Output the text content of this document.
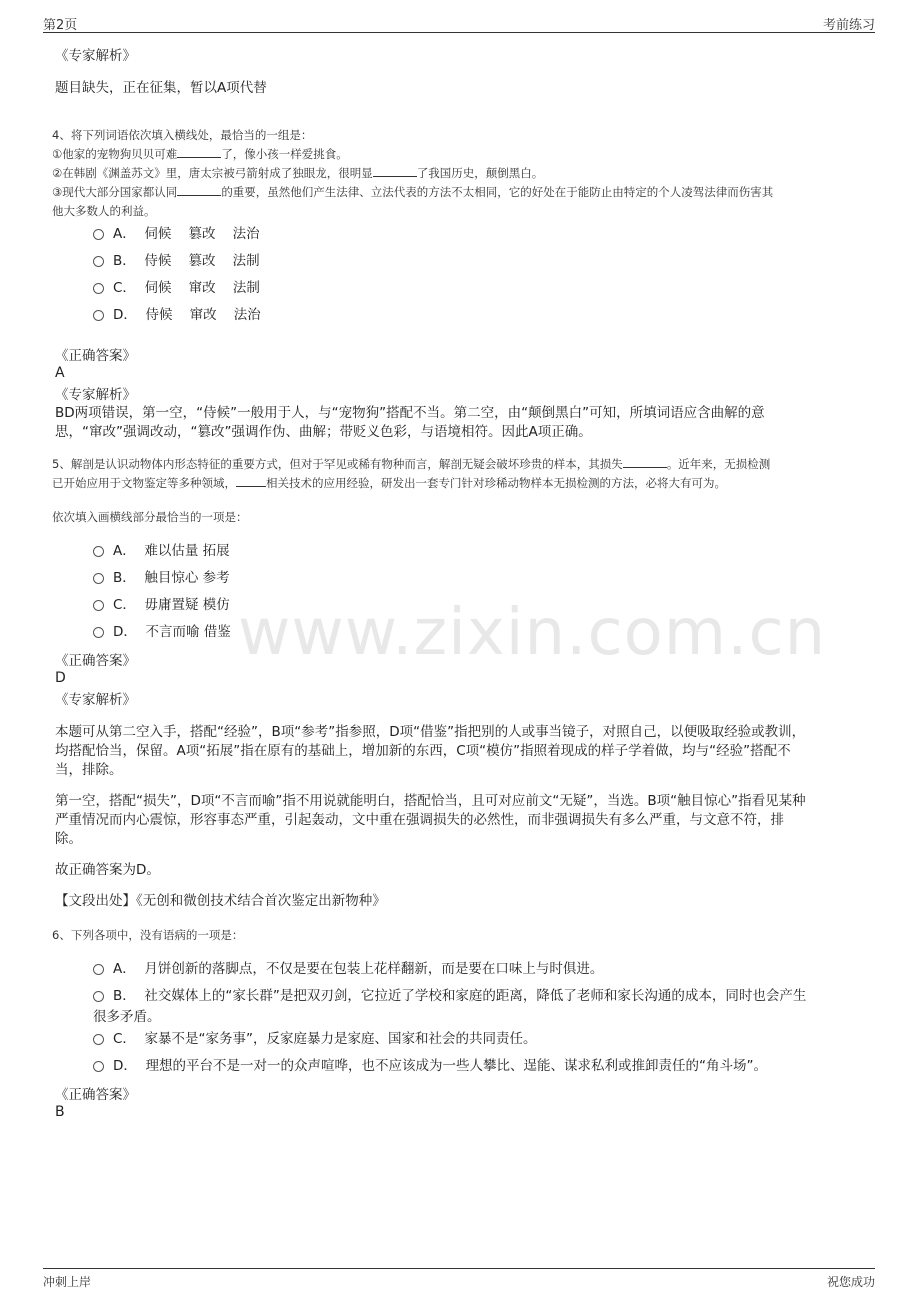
第2页	考前练习
www.zixin.com.cn
《专家解析》
题目缺失，正在征集，暂以A项代替
4、将下列词语依次填入横线处，最恰当的一组是：
①他家的宠物狗贝贝可难	了，像小孩一样爱挑食。
②在韩剧《渊盖苏文》里，唐太宗被弓箭射成了独眼龙，很明显	了我国历史，颠倒黑白。
③现代大部分国家都认同	的重要，虽然他们产生法律、立法代表的方法不太相同，它的好处在于能防止由特定的个人凌驾法律而伤害其
他大多数人的利益。
A．  伺候    篡改    法治
B．  侍候    篡改    法制
C．  伺候    窜改    法制
D．  侍候    窜改    法治
《正确答案》
A
《专家解析》
BD两项错误，第一空，“侍候”一般用于人，与“宠物狗”搭配不当。第二空，由“颠倒黑白”可知，所填词语应含曲解的意
思，“窜改”强调改动，“篡改”强调作伪、曲解；带贬义色彩，与语境相符。因此A项正确。
5、解剖是认识动物体内形态特征的重要方式，但对于罕见或稀有物种而言，解剖无疑会破坏珍贵的样本，其损失	。近年来，无损检测
已开始应用于文物鉴定等多种领域，	相关技术的应用经验，研发出一套专门针对珍稀动物样本无损检测的方法，必将大有可为。
依次填入画横线部分最恰当的一项是：
A．  难以估量 拓展
B．  触目惊心 参考
C．  毋庸置疑 模仿
D．  不言而喻 借鉴
《正确答案》
D
《专家解析》
本题可从第二空入手，搭配“经验”，B项“参考”指参照，D项“借鉴”指把别的人或事当镜子，对照自己，以便吸取经验或教训，
均搭配恰当，保留。A项“拓展”指在原有的基础上，增加新的东西，C项“模仿”指照着现成的样子学着做，均与“经验”搭配不
当，排除。
第一空，搭配“损失”，D项“不言而喻”指不用说就能明白，搭配恰当，且可对应前文“无疑”，当选。B项“触目惊心”指看见某种
严重情况而内心震惊，形容事态严重，引起轰动，文中重在强调损失的必然性，而非强调损失有多么严重，与文意不符，排
除。
故正确答案为D。
【文段出处】《无创和微创技术结合首次鉴定出新物种》
6、下列各项中，没有语病的一项是：
A．  月饼创新的落脚点，不仅是要在包装上花样翻新，而是要在口味上与时俱进。
B．  社交媒体上的“家长群”是把双刃剑，它拉近了学校和家庭的距离，降低了老师和家长沟通的成本，同时也会产生
很多矛盾。
C．  家暴不是“家务事”，反家庭暴力是家庭、国家和社会的共同责任。
D．  理想的平台不是一对一的众声喧哗，也不应该成为一些人攀比、逞能、谋求私利或推卸责任的“角斗场”。
《正确答案》
B
冲刺上岸	祝您成功
